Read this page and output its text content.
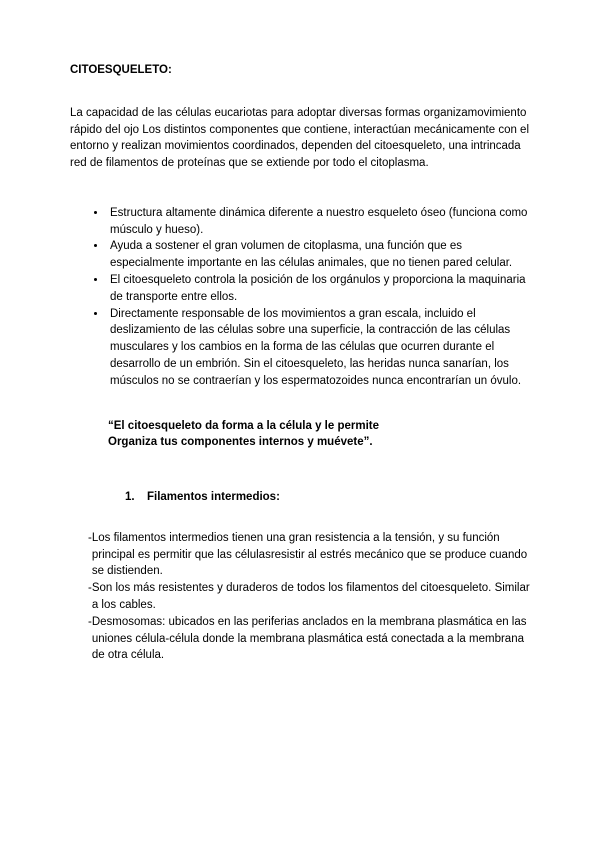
CITOESQUELETO:

La capacidad de las células eucariotas para adoptar diversas formas organizamovimiento rápido del ojo Los distintos componentes que contiene, interactúan mecánicamente con el entorno y realizan movimientos coordinados, dependen del citoesqueleto, una intrincada red de filamentos de proteínas que se extiende por todo el citoplasma.

• Estructura altamente dinámica diferente a nuestro esqueleto óseo (funciona como músculo y hueso).
• Ayuda a sostener el gran volumen de citoplasma, una función que es especialmente importante en las células animales, que no tienen pared celular.
• El citoesqueleto controla la posición de los orgánulos y proporciona la maquinaria de transporte entre ellos.
• Directamente responsable de los movimientos a gran escala, incluido el deslizamiento de las células sobre una superficie, la contracción de las células musculares y los cambios en la forma de las células que ocurren durante el desarrollo de un embrión. Sin el citoesqueleto, las heridas nunca sanarían, los músculos no se contraerían y los espermatozoides nunca encontrarían un óvulo.
“El citoesqueleto da forma a la célula y le permite
Organiza tus componentes internos y muévete”.

1. Filamentos intermedios:

- Los filamentos intermedios tienen una gran resistencia a la tensión, y su función principal es permitir que las célulasresistir al estrés mecánico que se produce cuando se distienden.
- Son los más resistentes y duraderos de todos los filamentos del citoesqueleto. Similar a los cables.
- Desmosomas: ubicados en las periferias anclados en la membrana plasmática en las uniones célula-célula donde la membrana plasmática está conectada a la membrana de otra célula.
